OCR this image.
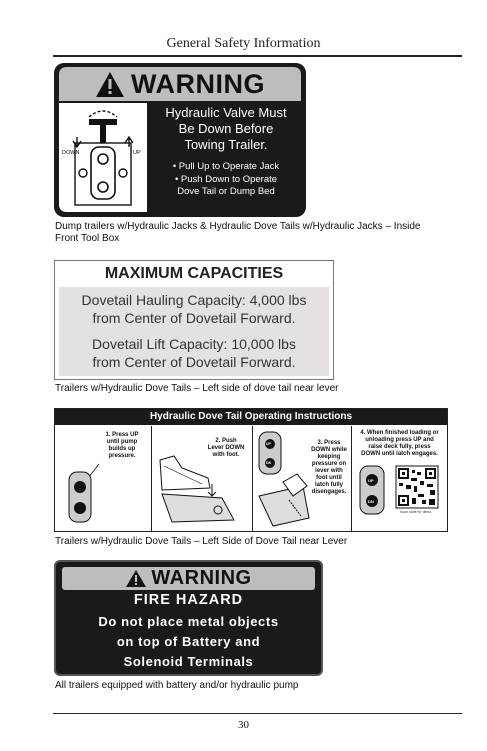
General Safety Information
WARNING
DOWN	UP
Hydraulic Valve Must
Be Down Before
Towing Trailer.
• Pull Up to Operate Jack
• Push Down to Operate
Dove Tail or Dump Bed
Dump trailers w/Hydraulic Jacks & Hydraulic Dove Tails w/Hydraulic Jacks – Inside
Front Tool Box
MAXIMUM CAPACITIES
Dovetail Hauling Capacity: 4,000 lbs
from Center of Dovetail Forward.
Dovetail Lift Capacity: 10,000 lbs
from Center of Dovetail Forward.
Trailers w/Hydraulic Dove Tails – Left side of dove tail near lever
Hydraulic Dove Tail Operating Instructions
1. Press UP
until pump
builds up
pressure.
2. Push
Lever DOWN
with foot.
3. Press
DOWN while
keeping
pressure on
lever with
foot until
latch fully
disengages.
UP
DN
4. When finished loading or
unloading press UP and
raise deck fully, press
DOWN until latch engages.
Scan code for demo
UP
DN
Trailers w/Hydraulic Dove Tails – Left Side of Dove Tail near Lever
WARNING
FIRE HAZARD
Do not place metal objects
on top of Battery and
Solenoid Terminals
All trailers equipped with battery and/or hydraulic pump
30
